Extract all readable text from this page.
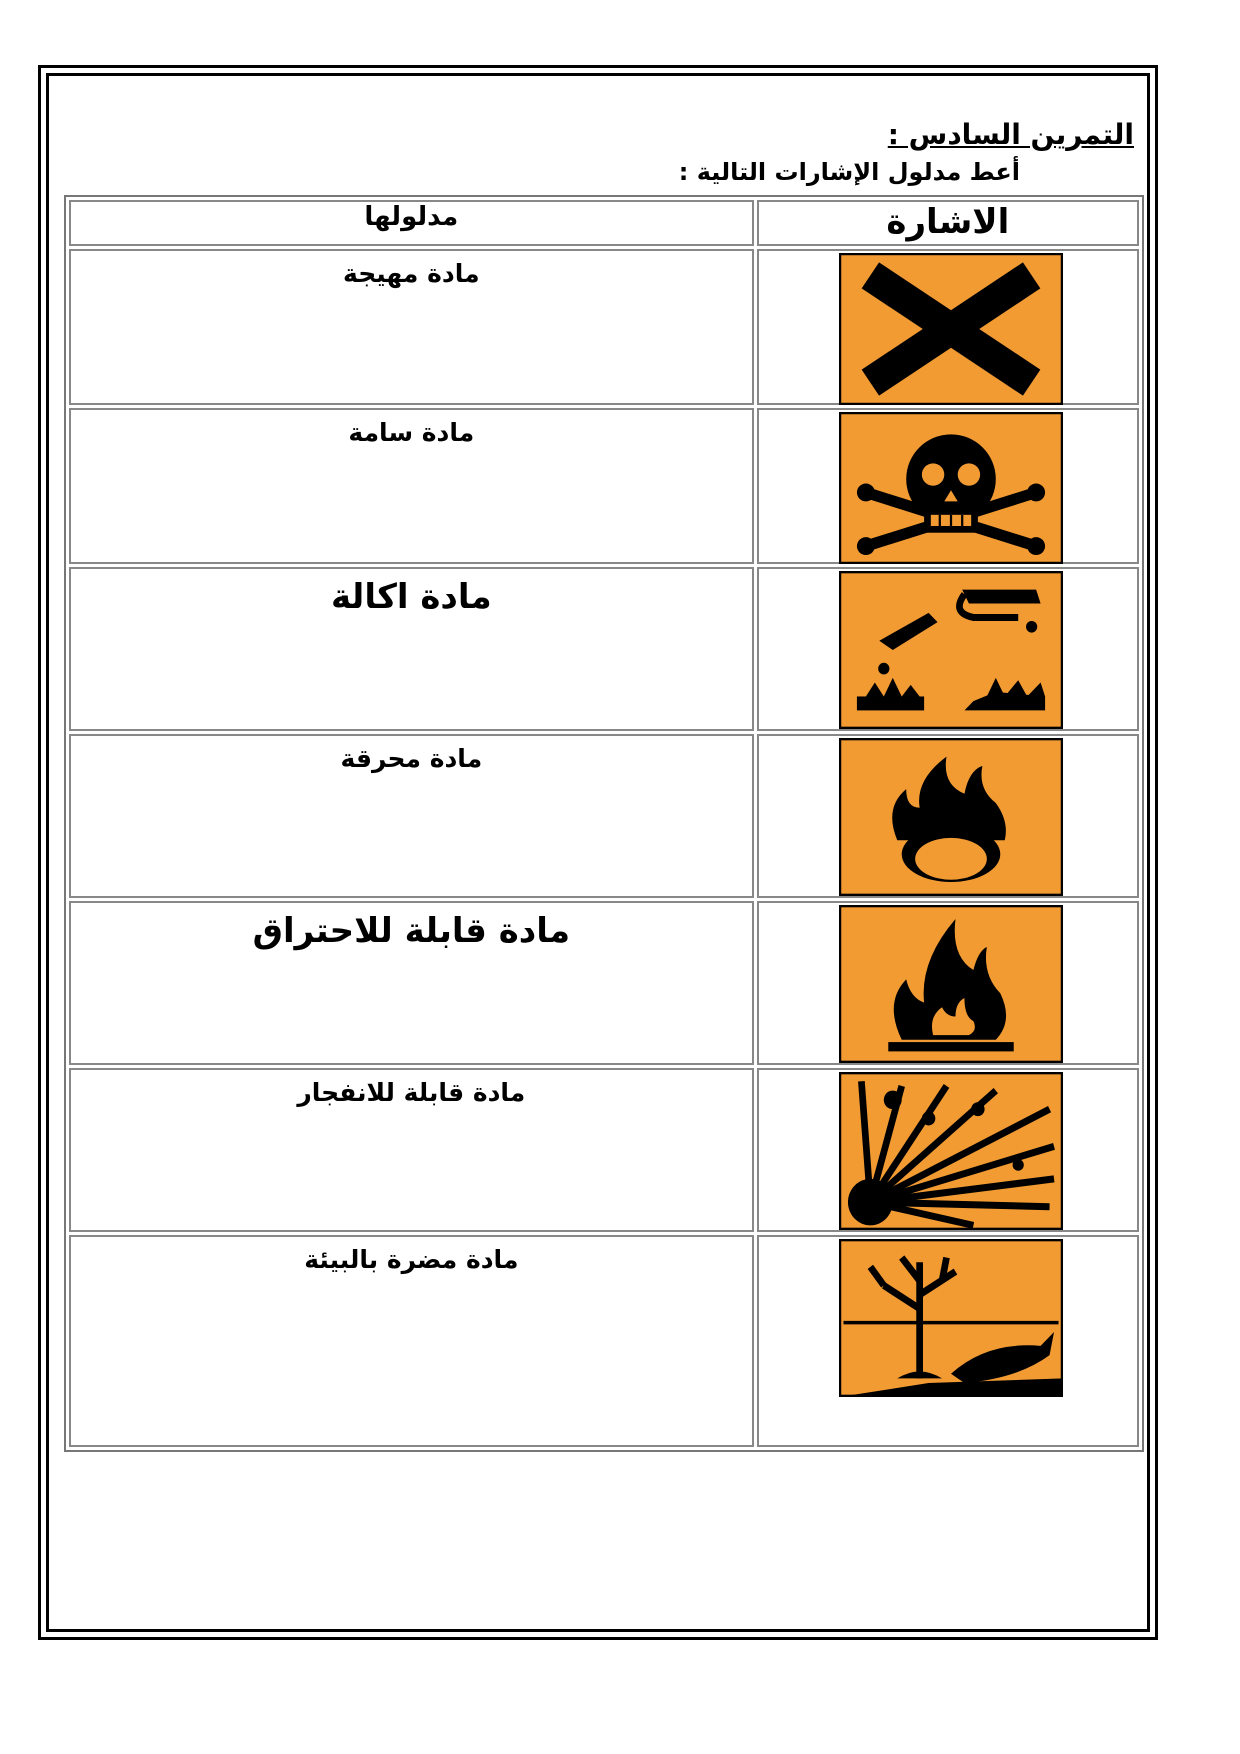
التمرين السادس :
أعط مدلول الإشارات التالية :
مدلولها	الاشارة
مادة مهيجة	

مادة سامة	

مادة اكالة	

مادة محرقة	

مادة قابلة للاحتراق	

مادة قابلة للانفجار	

مادة مضرة بالبيئة	
